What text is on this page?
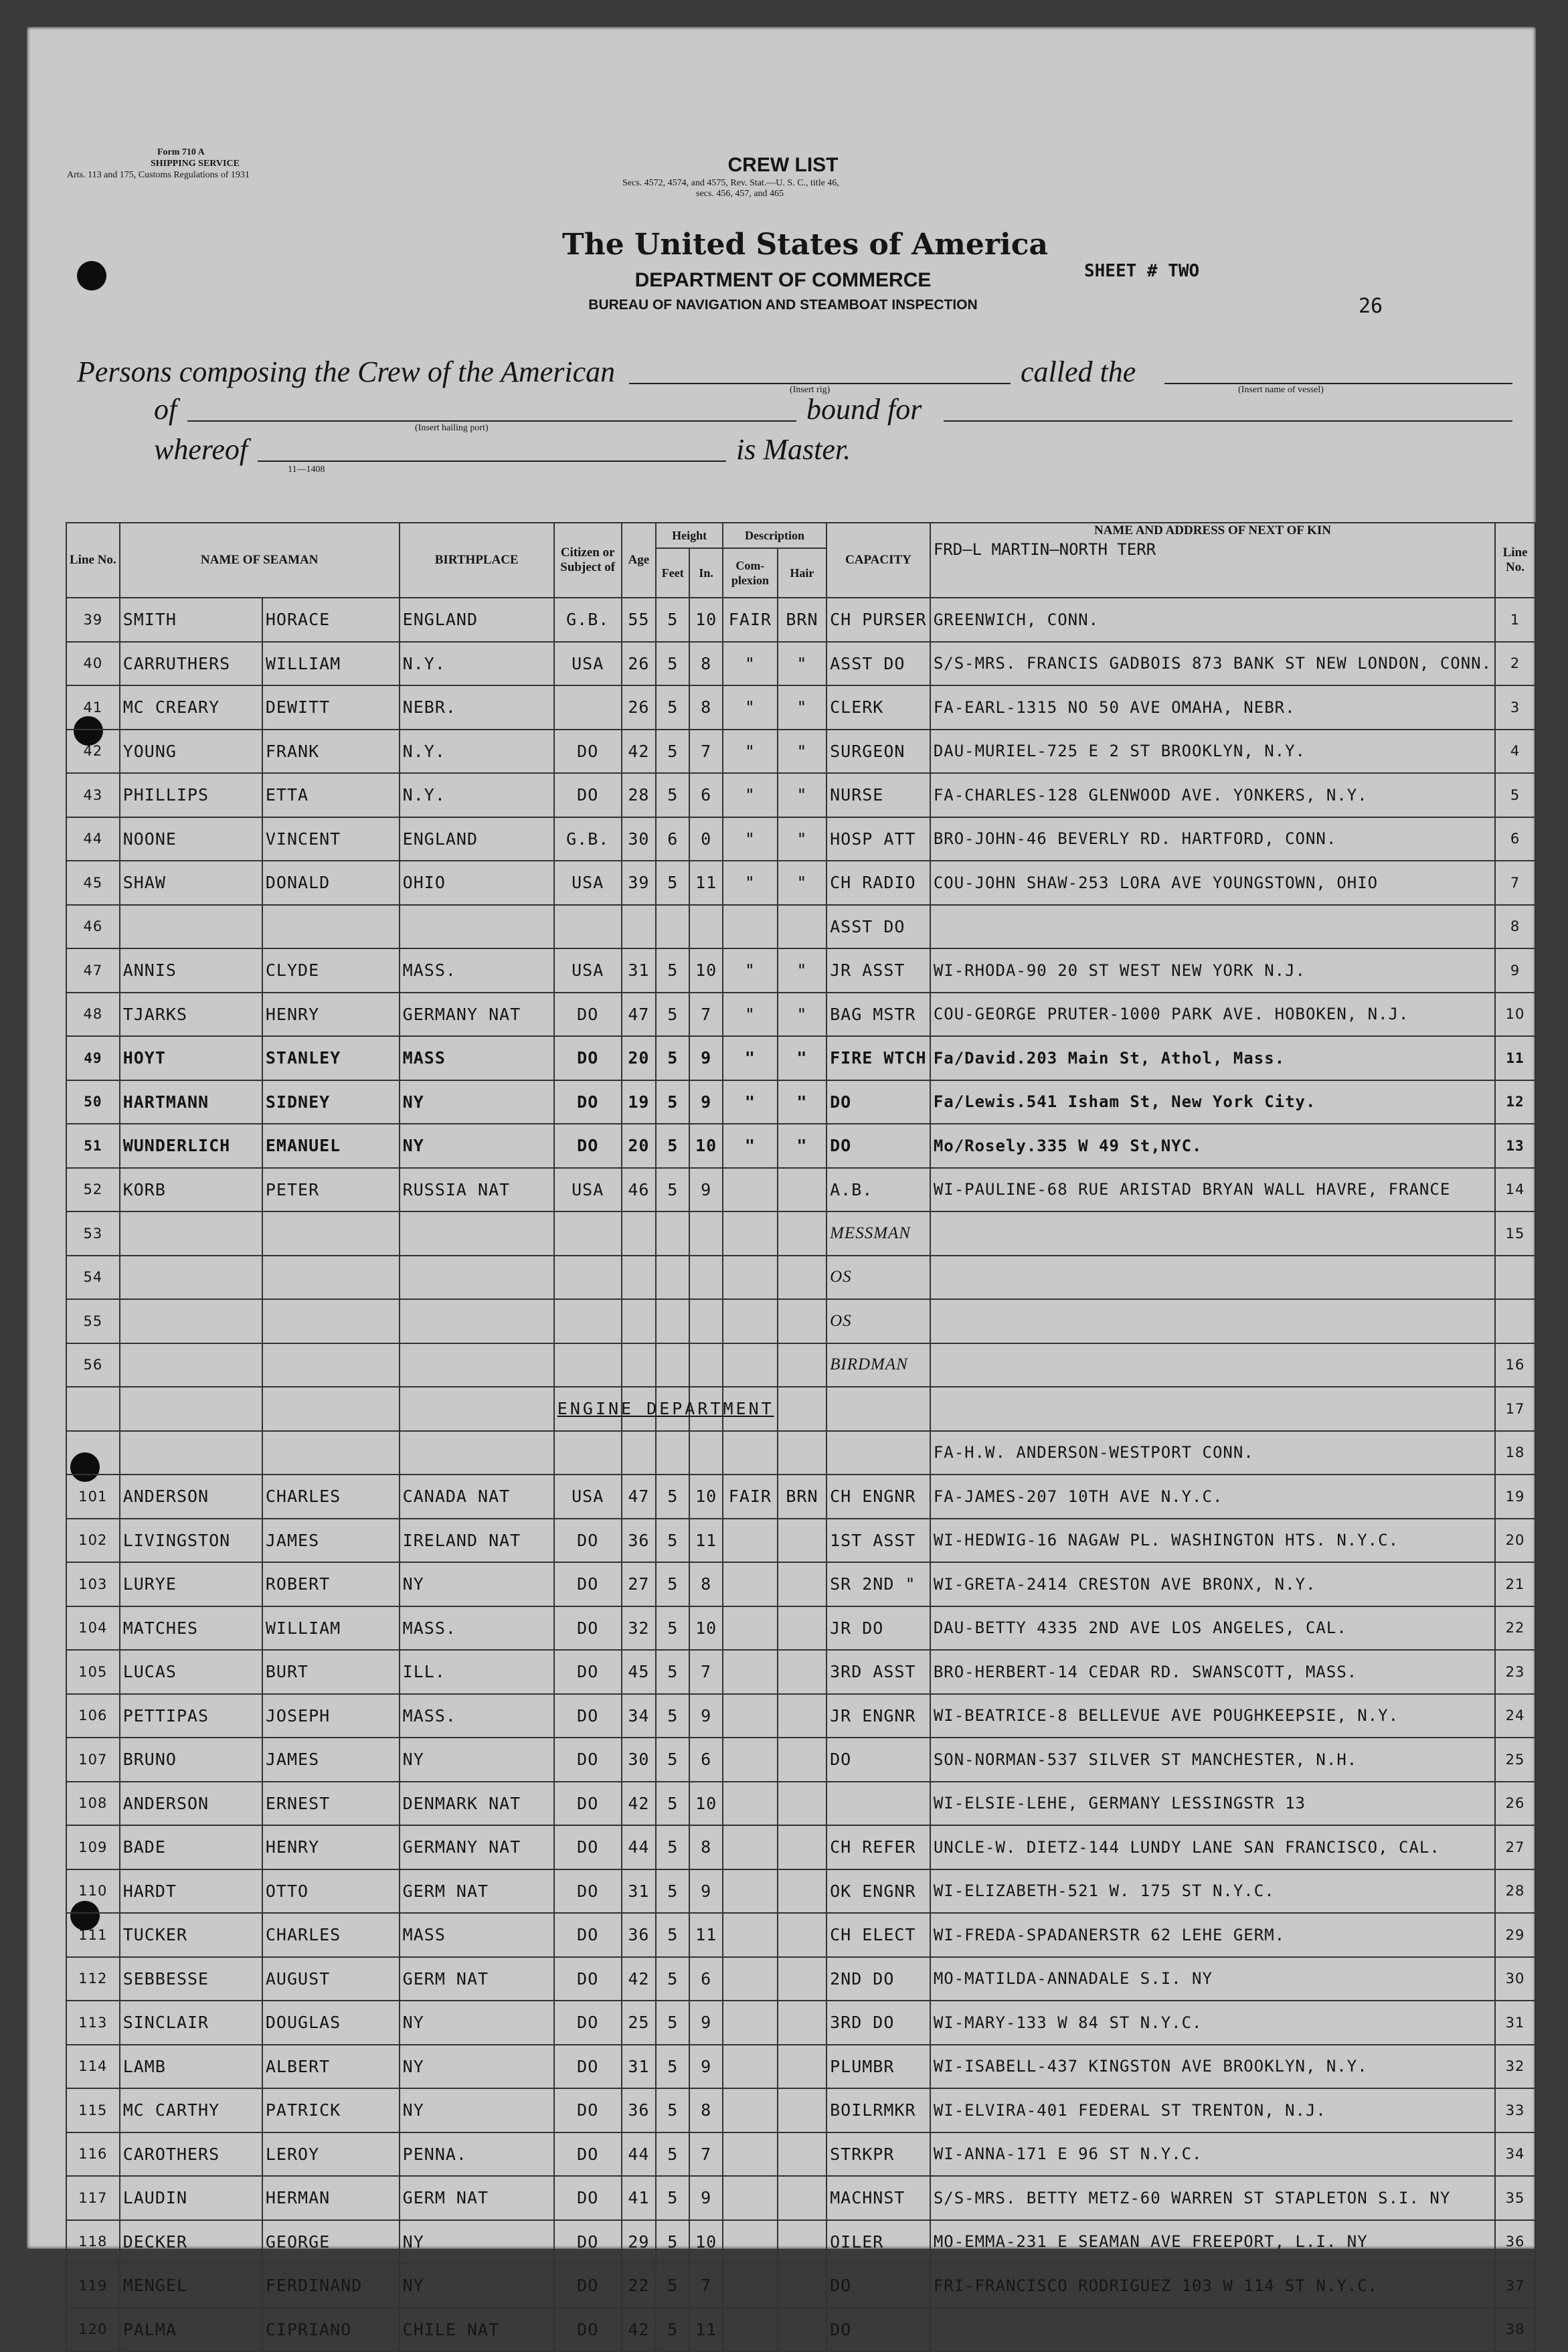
Form 710 A
SHIPPING SERVICE
Arts. 113 and 175, Customs Regulations of 1931	CREW LIST
Secs. 4572, 4574, and 4575, Rev. Stat.—U. S. C., title 46,
secs. 456, 457, and 465
The United States of America
DEPARTMENT OF COMMERCE
BUREAU OF NAVIGATION AND STEAMBOAT INSPECTION
SHEET # TWO
26
Persons composing the Crew of the American
(Insert rig)
called the
(Insert name of vessel)
of
(Insert hailing port)
bound for
whereof
11—1408
is Master.
Line No.	NAME OF SEAMAN		BIRTHPLACE	Citizen or Subject of	Age	Height		Description		CAPACITY	NAME AND ADDRESS OF NEXT OF KIN
FRD—L MARTIN—NORTH TERR	Line No.
						Feet	In.	Com-plexion	Hair			
39	SMITH	HORACE	ENGLAND	G.B.	55	5	10	FAIR	BRN	CH PURSER	GREENWICH, CONN.	1
40	CARRUTHERS	WILLIAM	N.Y.	USA	26	5	8	"	"	ASST DO	S/S-MRS. FRANCIS GADBOIS 873 BANK ST NEW LONDON, CONN.	2
41	MC CREARY	DEWITT	NEBR.		26	5	8	"	"	CLERK	FA-EARL-1315 NO 50 AVE OMAHA, NEBR.	3
42	YOUNG	FRANK	N.Y.	DO	42	5	7	"	"	SURGEON	DAU-MURIEL-725 E 2 ST BROOKLYN, N.Y.	4
43	PHILLIPS	ETTA	N.Y.	DO	28	5	6	"	"	NURSE	FA-CHARLES-128 GLENWOOD AVE. YONKERS, N.Y.	5
44	NOONE	VINCENT	ENGLAND	G.B.	30	6	0	"	"	HOSP ATT	BRO-JOHN-46 BEVERLY RD. HARTFORD, CONN.	6
45	SHAW	DONALD	OHIO	USA	39	5	11	"	"	CH RADIO	COU-JOHN SHAW-253 LORA AVE YOUNGSTOWN, OHIO	7
46										ASST DO		8
47	ANNIS	CLYDE	MASS.	USA	31	5	10	"	"	JR ASST	WI-RHODA-90 20 ST WEST NEW YORK N.J.	9
48	TJARKS	HENRY	GERMANY NAT	DO	47	5	7	"	"	BAG MSTR	COU-GEORGE PRUTER-1000 PARK AVE. HOBOKEN, N.J.	10
49	HOYT	STANLEY	MASS	DO	20	5	9	"	"	FIRE WTCH	Fa/David.203 Main St, Athol, Mass.	11
50	HARTMANN	SIDNEY	NY	DO	19	5	9	"	"	DO	Fa/Lewis.541 Isham St, New York City.	12
51	WUNDERLICH	EMANUEL	NY	DO	20	5	10	"	"	DO	Mo/Rosely.335 W 49 St,NYC.	13
52	KORB	PETER	RUSSIA NAT	USA	46	5	9			A.B.	WI-PAULINE-68 RUE ARISTAD BRYAN WALL HAVRE, FRANCE	14
53										MESSMAN		15
54										OS		
55										OS		
56										BIRDMAN		16

				ENGINE DEPARTMENT								17
											FA-H.W. ANDERSON-WESTPORT CONN.	18
101	ANDERSON	CHARLES	CANADA NAT	USA	47	5	10	FAIR	BRN	CH ENGNR	FA-JAMES-207 10TH AVE N.Y.C.	19
102	LIVINGSTON	JAMES	IRELAND NAT	DO	36	5	11			1ST ASST	WI-HEDWIG-16 NAGAW PL. WASHINGTON HTS. N.Y.C.	20
103	LURYE	ROBERT	NY	DO	27	5	8			SR 2ND "	WI-GRETA-2414 CRESTON AVE BRONX, N.Y.	21
104	MATCHES	WILLIAM	MASS.	DO	32	5	10			JR DO	DAU-BETTY 4335 2ND AVE LOS ANGELES, CAL.	22
105	LUCAS	BURT	ILL.	DO	45	5	7			3RD ASST	BRO-HERBERT-14 CEDAR RD. SWANSCOTT, MASS.	23
106	PETTIPAS	JOSEPH	MASS.	DO	34	5	9			JR ENGNR	WI-BEATRICE-8 BELLEVUE AVE POUGHKEEPSIE, N.Y.	24
107	BRUNO	JAMES	NY	DO	30	5	6			DO	SON-NORMAN-537 SILVER ST MANCHESTER, N.H.	25
108	ANDERSON	ERNEST	DENMARK NAT	DO	42	5	10				WI-ELSIE-LEHE, GERMANY LESSINGSTR 13	26
109	BADE	HENRY	GERMANY NAT	DO	44	5	8			CH REFER	UNCLE-W. DIETZ-144 LUNDY LANE SAN FRANCISCO, CAL.	27
110	HARDT	OTTO	GERM NAT	DO	31	5	9			OK ENGNR	WI-ELIZABETH-521 W. 175 ST N.Y.C.	28
111	TUCKER	CHARLES	MASS	DO	36	5	11			CH ELECT	WI-FREDA-SPADANERSTR 62 LEHE GERM.	29
112	SEBBESSE	AUGUST	GERM NAT	DO	42	5	6			2ND DO	MO-MATILDA-ANNADALE S.I. NY	30
113	SINCLAIR	DOUGLAS	NY	DO	25	5	9			3RD DO	WI-MARY-133 W 84 ST N.Y.C.	31
114	LAMB	ALBERT	NY	DO	31	5	9			PLUMBR	WI-ISABELL-437 KINGSTON AVE BROOKLYN, N.Y.	32
115	MC CARTHY	PATRICK	NY	DO	36	5	8			BOILRMKR	WI-ELVIRA-401 FEDERAL ST TRENTON, N.J.	33
116	CAROTHERS	LEROY	PENNA.	DO	44	5	7			STRKPR	WI-ANNA-171 E 96 ST N.Y.C.	34
117	LAUDIN	HERMAN	GERM NAT	DO	41	5	9			MACHNST	S/S-MRS. BETTY METZ-60 WARREN ST STAPLETON S.I. NY	35
118	DECKER	GEORGE	NY	DO	29	5	10			OILER	MO-EMMA-231 E SEAMAN AVE FREEPORT, L.I. NY	36
119	MENGEL	FERDINAND	NY	DO	22	5	7			DO	FRI-FRANCISCO RODRIGUEZ 103 W 114 ST N.Y.C.	37
120	PALMA	CIPRIANO	CHILE NAT	DO	42	5	11			DO		38
